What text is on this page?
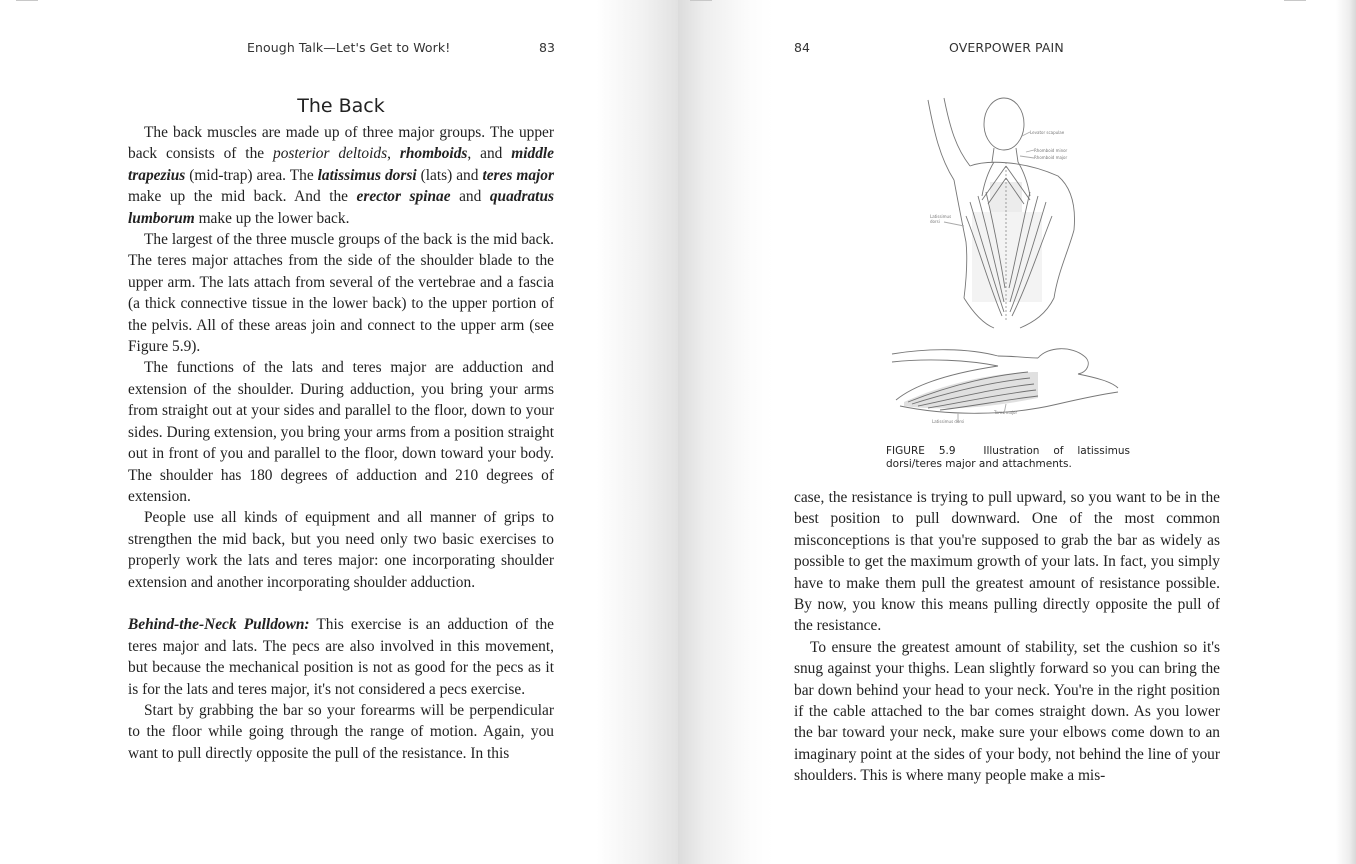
Enough Talk—Let's Get to Work!	83
The Back

The back muscles are made up of three major groups. The upper back consists of the posterior deltoids, rhomboids, and middle trapezius (mid-trap) area. The latissimus dorsi (lats) and teres major make up the mid back. And the erector spinae and quadratus lumborum make up the lower back.

The largest of the three muscle groups of the back is the mid back. The teres major attaches from the side of the shoulder blade to the upper arm. The lats attach from several of the vertebrae and a fascia (a thick connective tissue in the lower back) to the upper portion of the pelvis. All of these areas join and connect to the upper arm (see Figure 5.9).

The functions of the lats and teres major are adduction and extension of the shoulder. During adduction, you bring your arms from straight out at your sides and parallel to the floor, down to your sides. During extension, you bring your arms from a position straight out in front of you and parallel to the floor, down toward your body. The shoulder has 180 degrees of adduction and 210 degrees of extension.

People use all kinds of equipment and all manner of grips to strengthen the mid back, but you need only two basic exercises to properly work the lats and teres major: one incorporating shoulder extension and another incorporating shoulder adduction.

Behind-the-Neck Pulldown: This exercise is an adduction of the teres major and lats. The pecs are also involved in this movement, but because the mechanical position is not as good for the pecs as it is for the lats and teres major, it's not considered a pecs exercise.

Start by grabbing the bar so your forearms will be perpendicular to the floor while going through the range of motion. Again, you want to pull directly opposite the pull of the resistance. In this

84	OVERPOWER PAIN
Levator scapulae
Rhomboid minor
Rhomboid major
Latissimus dorsi
Latissimus dorsi
Teres major
FIGURE 5.9	Illustration of latissimus dorsi/teres major and attachments.

case, the resistance is trying to pull upward, so you want to be in the best position to pull downward. One of the most common misconceptions is that you're supposed to grab the bar as widely as possible to get the maximum growth of your lats. In fact, you simply have to make them pull the greatest amount of resistance possible. By now, you know this means pulling directly opposite the pull of the resistance.

To ensure the greatest amount of stability, set the cushion so it's snug against your thighs. Lean slightly forward so you can bring the bar down behind your head to your neck. You're in the right position if the cable attached to the bar comes straight down. As you lower the bar toward your neck, make sure your elbows come down to an imaginary point at the sides of your body, not behind the line of your shoulders. This is where many people make a mis-
